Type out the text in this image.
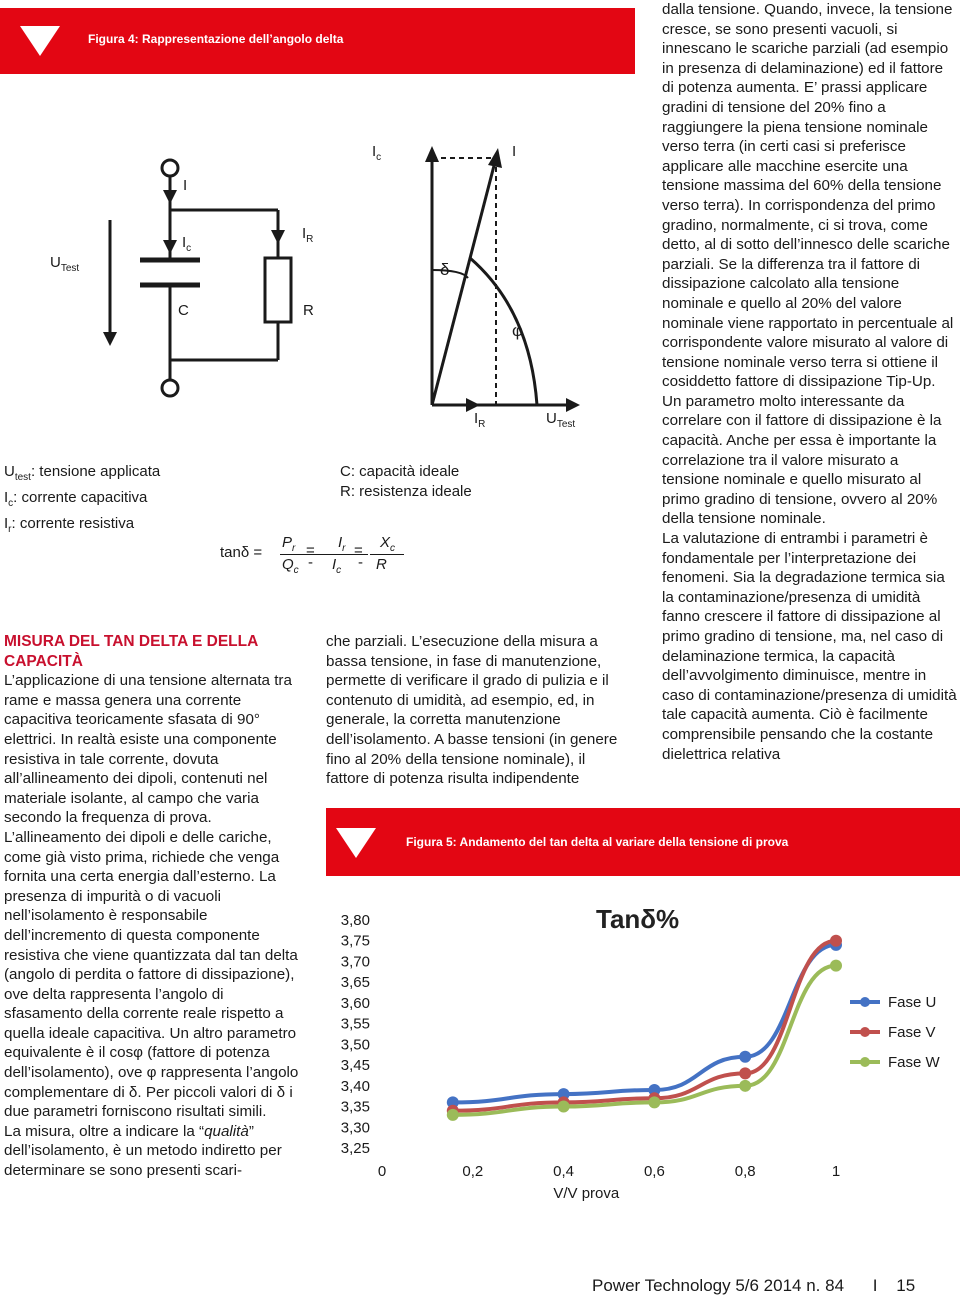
Figura 4: Rappresentazione dell’angolo delta
$U_{Test}$
I
$I_c$
$I_R$
C	R
$I_c$	I
δ
φ
$I_R$	$U_{Test}$
$U_{test}$: tensione applicata
$I_c$: corrente capacitiva
$I_r$: corrente resistiva
C: capacità ideale
R: resistenza ideale
tanδ =
$P_r$
$Q_c$ -
= $I_r$
$I_c$ -
= $X_c$
R

MISURA DEL TAN DELTA E DELLA CAPACITÀ

L’applicazione di una tensione alternata tra rame e massa genera una corrente capacitiva teoricamente sfasata di 90° elettrici. In realtà esiste una componente resistiva in tale corrente, dovuta all’allineamento dei dipoli, contenuti nel materiale isolante, al campo che varia secondo la frequenza di prova. L’allineamento dei dipoli e delle cariche, come già visto prima, richiede che venga fornita una certa energia dall’esterno. La presenza di impurità o di vacuoli nell’isolamento è responsabile dell’incremento di questa componente resistiva che viene quantizzata dal tan delta (angolo di perdita o fattore di dissipazione), ove delta rappresenta l’angolo di sfasamento della corrente reale rispetto a quella ideale capacitiva. Un altro parametro equivalente è il cosφ (fattore di potenza dell’isolamento), ove φ rappresenta l’angolo complementare di δ. Per piccoli valori di δ i due parametri forniscono risultati simili.

La misura, oltre a indicare la “qualità” dell’isolamento, è un metodo indiretto per determinare se sono presenti scari-

che parziali. L’esecuzione della misura a bassa tensione, in fase di manutenzione, permette di verificare il grado di pulizia e il contenuto di umidità, ad esempio, ed, in generale, la corretta manutenzione dell’isolamento. A basse tensioni (in genere fino al 20% della tensione nominale), il fattore di potenza risulta indipendente

dalla tensione. Quando, invece, la tensione cresce, se sono presenti vacuoli, si innescano le scariche parziali (ad esempio in presenza di delaminazione) ed il fattore di potenza aumenta. E’ prassi applicare gradini di tensione del 20% fino a raggiungere la piena tensione nominale verso terra (in certi casi si preferisce applicare alle macchine esercite una tensione massima del 60% della tensione verso terra). In corrispondenza del primo gradino, normalmente, ci si trova, come detto, al di sotto dell’innesco delle scariche parziali. Se la differenza tra il fattore di dissipazione calcolato alla tensione nominale e quello al 20% del valore nominale viene rapportato in percentuale al corrispondente valore misurato al valore di tensione nominale verso terra si ottiene il cosiddetto fattore di dissipazione Tip-Up. Un parametro molto interessante da correlare con il fattore di dissipazione è la capacità. Anche per essa è importante la correlazione tra il valore misurato a tensione nominale e quello misurato al primo gradino di tensione, ovvero al 20% della tensione nominale.

La valutazione di entrambi i parametri è fondamentale per l’interpretazione dei fenomeni. Sia la degradazione termica sia la contaminazione/presenza di umidità fanno crescere il fattore di dissipazione al primo gradino di tensione, ma, nel caso di delaminazione termica, la capacità dell’avvolgimento diminuisce, mentre in caso di contaminazione/presenza di umidità tale capacità aumenta. Ciò è facilmente comprensibile pensando che la costante dielettrica relativa

Figura 5: Andamento del tan delta al variare della tensione di prova
Tanδ%
3,80
3,75
3,70
3,65
3,60
3,55
3,50
3,45
3,40
3,35
3,30
3,25
0	0,2	0,4	0,6	0,8	1
V/V prova
Fase U
Fase V
Fase W
Power Technology 5/6 2014 n. 84 I 15
